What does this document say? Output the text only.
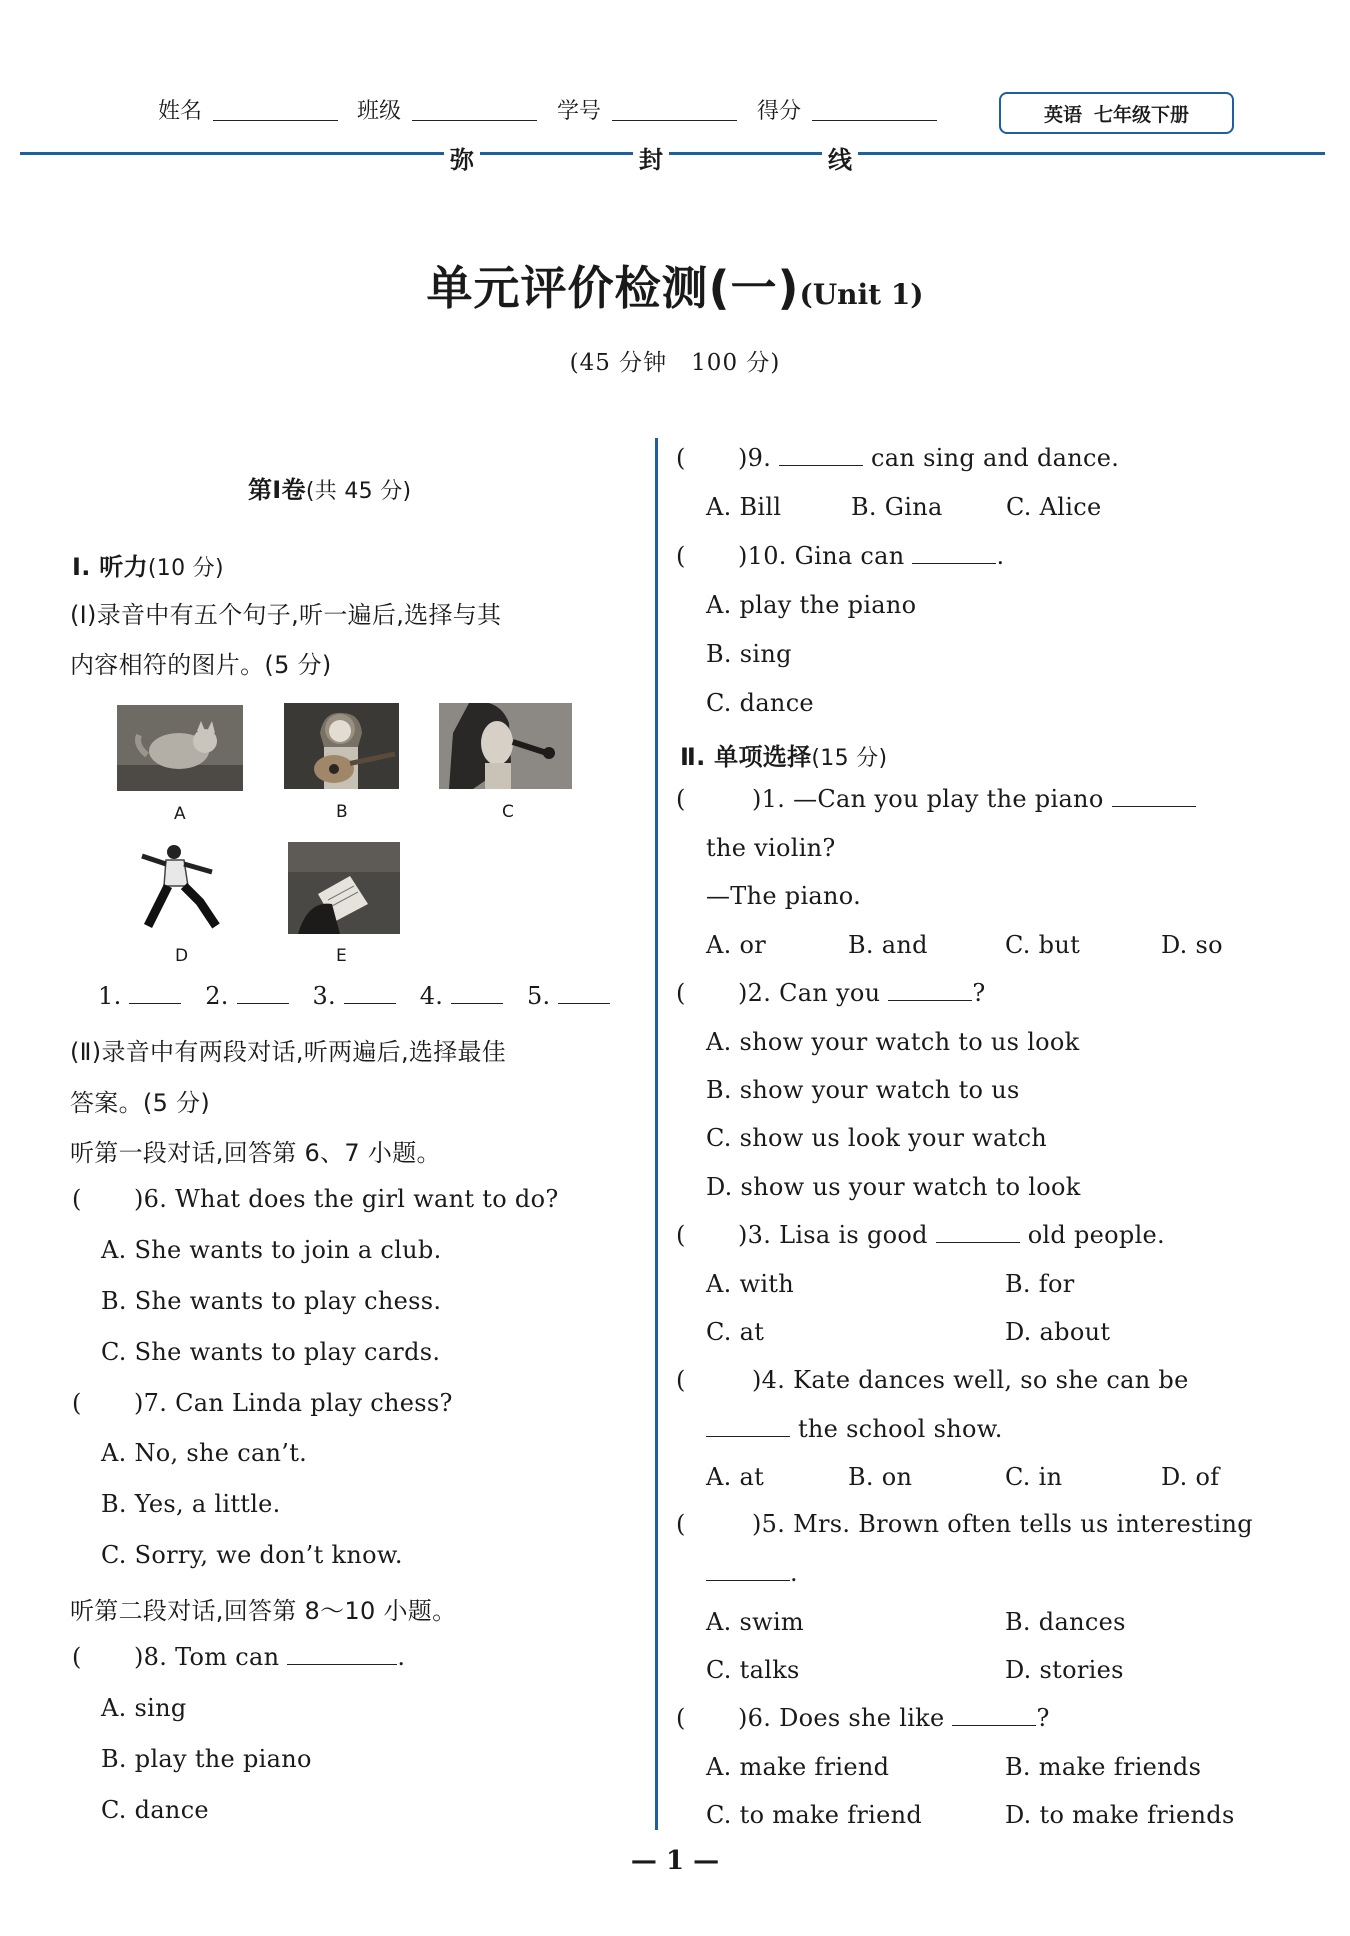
姓名	班级	学号	得分	英语 七年级下册
弥	封	线
单元评价检测(一)(Unit 1)
(45 分钟　100 分)
第Ⅰ卷(共 45 分)
Ⅰ. 听力(10 分)
(Ⅰ)录音中有五个句子,听一遍后,选择与其
内容相符的图片。(5 分)
A	B	C
D	E
1.	2.	3.	4.	5.
(Ⅱ)录音中有两段对话,听两遍后,选择最佳
答案。(5 分)
听第一段对话,回答第 6、7 小题。
( )6. What does the girl want to do?
A. She wants to join a club.
B. She wants to play chess.
C. She wants to play cards.
( )7. Can Linda play chess?
A. No, she can’t.
B. Yes, a little.
C. Sorry, we don’t know.
听第二段对话,回答第 8～10 小题。
( )8. Tom can	.
A. sing
B. play the piano
C. dance
( )9.	can sing and dance.
A. Bill	B. Gina	C. Alice
( )10. Gina can	.
A. play the piano
B. sing
C. dance
Ⅱ. 单项选择(15 分)
(	)1. —Can you play the piano
the violin?
—The piano.
A. or	B. and	C. but	D. so
( )2. Can you	?
A. show your watch to us look
B. show your watch to us
C. show us look your watch
D. show us your watch to look
( )3. Lisa is good	old people.
A. with	B. for
C. at	D. about
(	)4. Kate dances well, so she can be
the school show.
A. at	B. on	C. in	D. of
(	)5. Mrs. Brown often tells us interesting
.
A. swim	B. dances
C. talks	D. stories
( )6. Does she like	?
A. make friend	B. make friends
C. to make friend	D. to make friends
— 1 —
